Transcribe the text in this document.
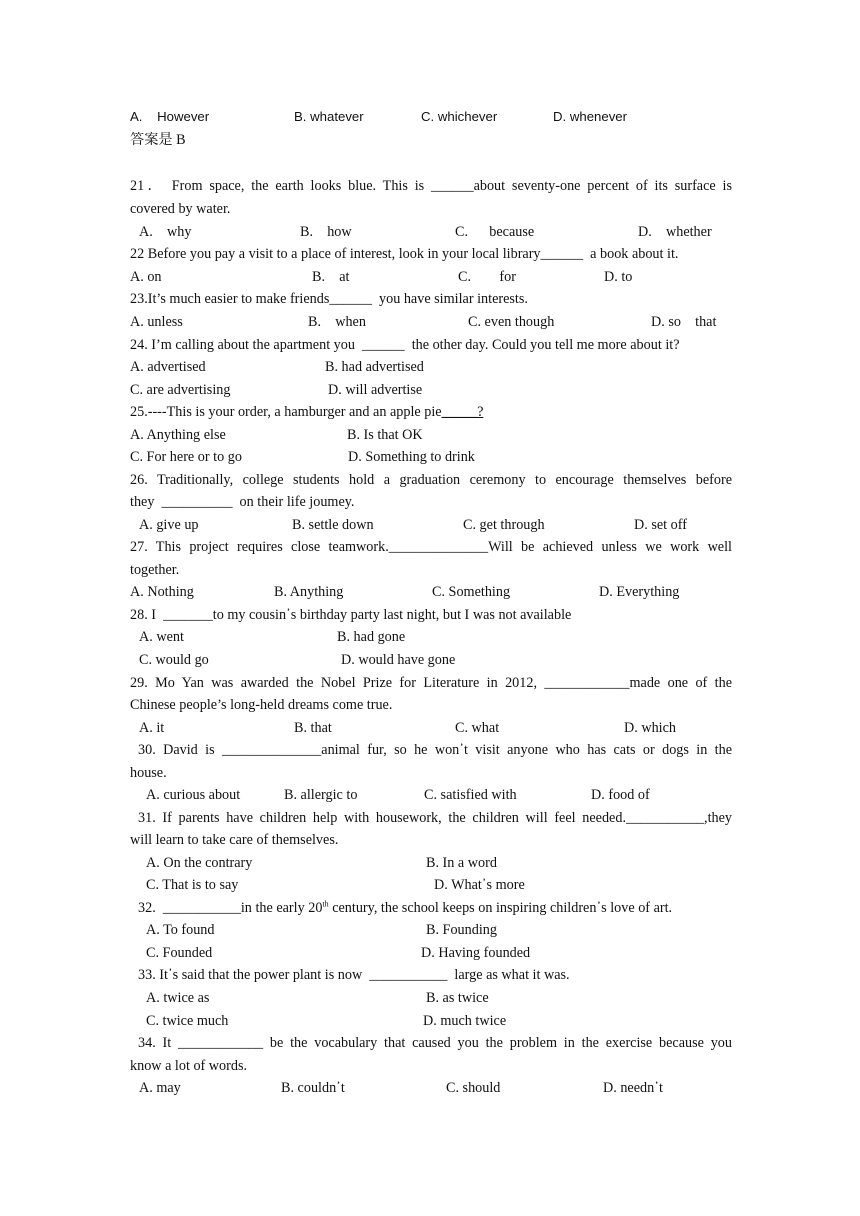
A.    However	B. whatever	C. whichever	D. whenever
答案是 B
21． From space, the earth looks blue. This is ______about seventy-one percent of its surface is
covered by water.
A.    why	B.    how	C.      because	D.    whether
22 Before you pay a visit to a place of interest, look in your local library______  a book about it.
A. on	B.    at	C.        for	D. to
23.It’s much easier to make friends______  you have similar interests.
A. unless	B.    when	C. even though	D. so    that
24. I’m calling about the apartment you  ______  the other day. Could you tell me more about it?
A. advertised	B. had advertised
C. are advertising	D. will advertise
25.----This is your order, a hamburger and an apple pie_____?
A. Anything else	B. Is that OK
C. For here or to go	D. Something to drink
26. Traditionally, college students hold a graduation ceremony to encourage themselves before
they  __________  on their life joumey.
A. give up	B. settle down	C. get through	D. set off
27. This project requires close teamwork.______________Will be achieved unless we work well
together.
A. Nothing	B. Anything	C. Something	D. Everything
28. I  _______to my cousin᾽s birthday party last night, but I was not available
A. went	B. had gone
C. would go	D. would have gone
29. Mo Yan was awarded the Nobel Prize for Literature in 2012, ____________made one of the
Chinese people’s long-held dreams come true.
A. it	B. that	C. what	D. which
30. David is ______________animal fur, so he won᾽t visit anyone who has cats or dogs in the
house.
A. curious about	B. allergic to	C. satisfied with	D. food of
31. If parents have children help with housework, the children will feel needed.___________,they
will learn to take care of themselves.
A. On the contrary	B. In a word
C. That is to say	D. What᾽s more
32.  ___________in the early 20th century, the school keeps on inspiring children᾽s love of art.
A. To found	B. Founding
C. Founded	D. Having founded
33. It᾽s said that the power plant is now  ___________  large as what it was.
A. twice as	B. as twice
C. twice much	D. much twice
34. It ____________ be the vocabulary that caused you the problem in the exercise because you
know a lot of words.
A. may	B. couldn᾽t	C. should	D. needn᾽t
